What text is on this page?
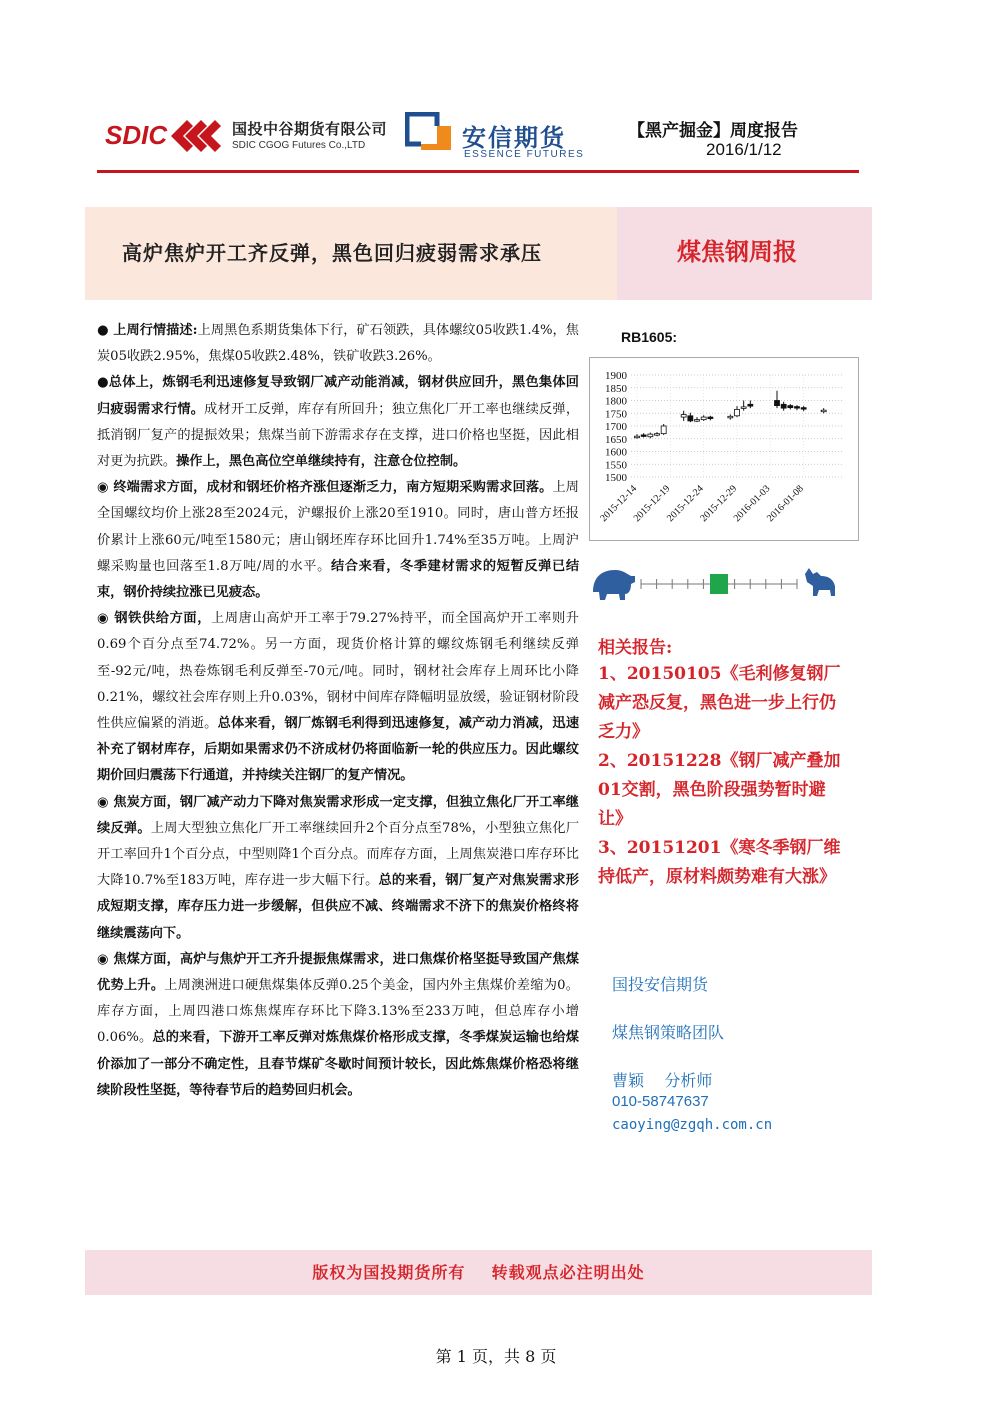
SDIC	国投中谷期货有限公司
SDIC CGOG Futures Co.,LTD	安信期货
ESSENCE FUTURES
【黑产掘金】周度报告
2016/1/12
高炉焦炉开工齐反弹，黑色回归疲弱需求承压	煤焦钢周报

● 上周行情描述:上周黑色系期货集体下行，矿石领跌，具体螺纹05收跌1.4%，焦炭05收跌2.95%，焦煤05收跌2.48%，铁矿收跌3.26%。

●总体上，炼钢毛利迅速修复导致钢厂减产动能消减，钢材供应回升，黑色集体回归疲弱需求行情。成材开工反弹，库存有所回升；独立焦化厂开工率也继续反弹，抵消钢厂复产的提振效果；焦煤当前下游需求存在支撑，进口价格也坚挺，因此相对更为抗跌。操作上，黑色高位空单继续持有，注意仓位控制。

◉ 终端需求方面，成材和钢坯价格齐涨但逐渐乏力，南方短期采购需求回落。上周全国螺纹均价上涨28至2024元，沪螺报价上涨20至1910。同时，唐山普方坯报价累计上涨60元/吨至1580元；唐山钢坯库存环比回升1.74%至35万吨。上周沪螺采购量也回落至1.8万吨/周的水平。结合来看，冬季建材需求的短暂反弹已结束，钢价持续拉涨已见疲态。

◉ 钢铁供给方面，上周唐山高炉开工率于79.27%持平，而全国高炉开工率则升0.69个百分点至74.72%。另一方面，现货价格计算的螺纹炼钢毛利继续反弹至-92元/吨，热卷炼钢毛利反弹至-70元/吨。同时，钢材社会库存上周环比小降0.21%，螺纹社会库存则上升0.03%，钢材中间库存降幅明显放缓，验证钢材阶段性供应偏紧的消逝。总体来看，钢厂炼钢毛利得到迅速修复，减产动力消减，迅速补充了钢材库存，后期如果需求仍不济成材仍将面临新一轮的供应压力。因此螺纹期价回归震荡下行通道，并持续关注钢厂的复产情况。

◉ 焦炭方面，钢厂减产动力下降对焦炭需求形成一定支撑，但独立焦化厂开工率继续反弹。上周大型独立焦化厂开工率继续回升2个百分点至78%，小型独立焦化厂开工率回升1个百分点，中型则降1个百分点。而库存方面，上周焦炭港口库存环比大降10.7%至183万吨，库存进一步大幅下行。总的来看，钢厂复产对焦炭需求形成短期支撑，库存压力进一步缓解，但供应不减、终端需求不济下的焦炭价格终将继续震荡向下。

◉ 焦煤方面，高炉与焦炉开工齐升提振焦煤需求，进口焦煤价格坚挺导致国产焦煤优势上升。上周澳洲进口硬焦煤集体反弹0.25个美金，国内外主焦煤价差缩为0。库存方面，上周四港口炼焦煤库存环比下降3.13%至233万吨，但总库存小增0.06%。总的来看，下游开工率反弹对炼焦煤价格形成支撑，冬季煤炭运输也给煤价添加了一部分不确定性，且春节煤矿冬歇时间预计较长，因此炼焦煤价格恐将继续阶段性坚挺，等待春节后的趋势回归机会。

RB1605:
1900
1850
1800
1750
1700
1650
1600
1550
1500
2015-12-14
2015-12-19
2015-12-24
2015-12-29
2016-01-03
2016-01-08
相关报告:
1、20150105《毛利修复钢厂减产恐反复，黑色进一步上行仍乏力》
2、20151228《钢厂减产叠加01交割，黑色阶段强势暂时避让》
3、20151201《寒冬季钢厂维持低产，原材料颇势难有大涨》
国投安信期货
煤焦钢策略团队
曹颖    分析师
010-58747637
caoying@zgqh.com.cn
版权为国投期货所有    转载观点必注明出处
第 1 页，共 8 页
